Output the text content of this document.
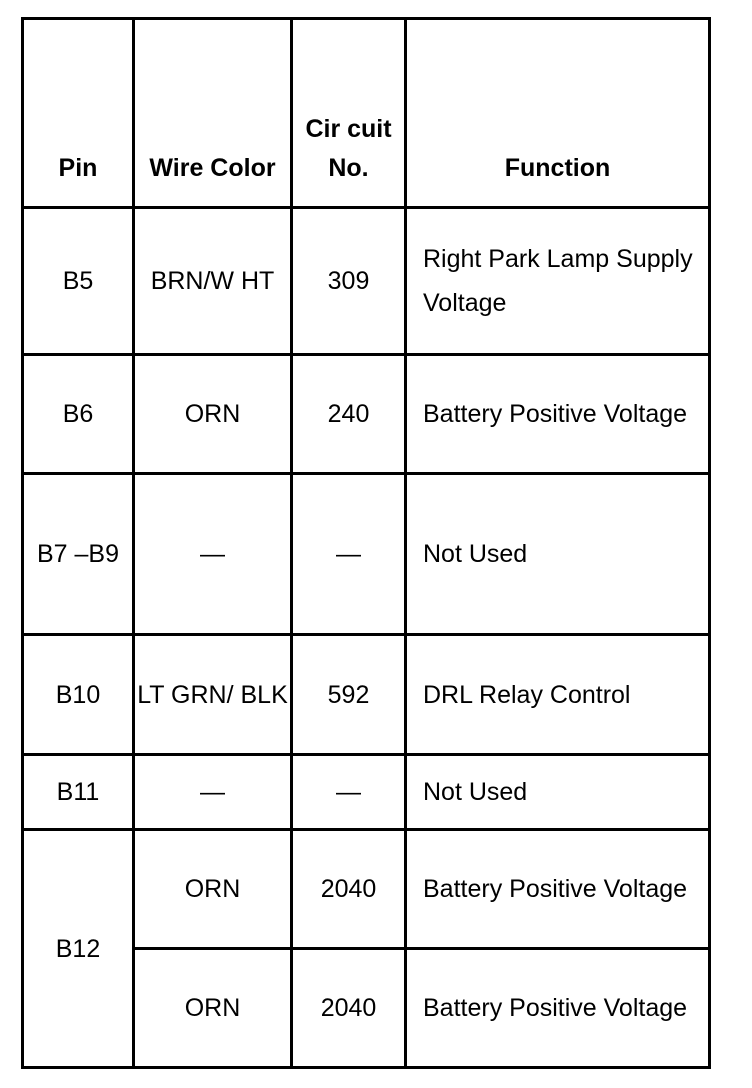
Pin	Wire Color	Cir cuit No.	Function
B5	BRN/W HT	309	Right Park Lamp Supply Voltage
B6	ORN	240	Battery Positive Voltage
B7 –B9	—	—	Not Used
B10	LT GRN/ BLK	592	DRL Relay Control
B11	—	—	Not Used
B12	ORN	2040	Battery Positive Voltage
	ORN	2040	Battery Positive Voltage
